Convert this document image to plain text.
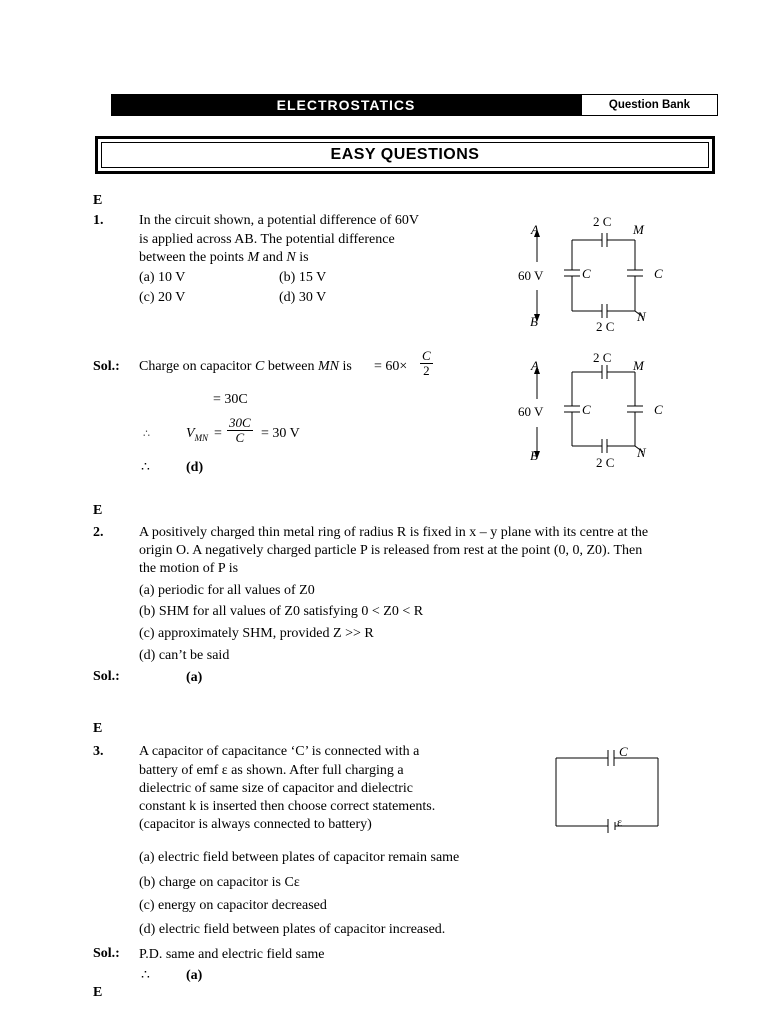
ELECTROSTATICS	Question Bank
EASY QUESTIONS
E
1.	In the circuit shown, a potential difference of 60V
is applied across AB. The potential difference
between the points M and N is
(a) 10 V	(b) 15 V
(c) 20 V	(d) 30 V
A
B
60 V
2 C
2 C
C	C
M
N
Sol.: Charge on capacitor C between MN is = $60\times \frac{C}{2}$
= 30C
∴	$V_{MN} = \frac{30C}{C} = 30$ V
∴	(d)
A
B
60 V
2 C
2 C
C	C
M
N
E
2.	A positively charged thin metal ring of radius R is fixed in x – y plane with its centre at the
origin O. A negatively charged particle P is released from rest at the point (0, 0, Z0). Then
the motion of P is
(a) periodic for all values of Z0
(b) SHM for all values of Z0 satisfying 0 < Z0 < R
(c) approximately SHM, provided Z >> R
(d) can’t be said
Sol.:	(a)
E
3.	A capacitor of capacitance ‘C’ is connected with a
battery of emf ε as shown. After full charging a
dielectric of same size of capacitor and dielectric
constant k is inserted then choose correct statements.
(capacitor is always connected to battery)
(a) electric field between plates of capacitor remain same
(b) charge on capacitor is Cε
(c) energy on capacitor decreased
(d) electric field between plates of capacitor increased.
C
ε
Sol.: P.D. same and electric field same
∴	(a)
E
